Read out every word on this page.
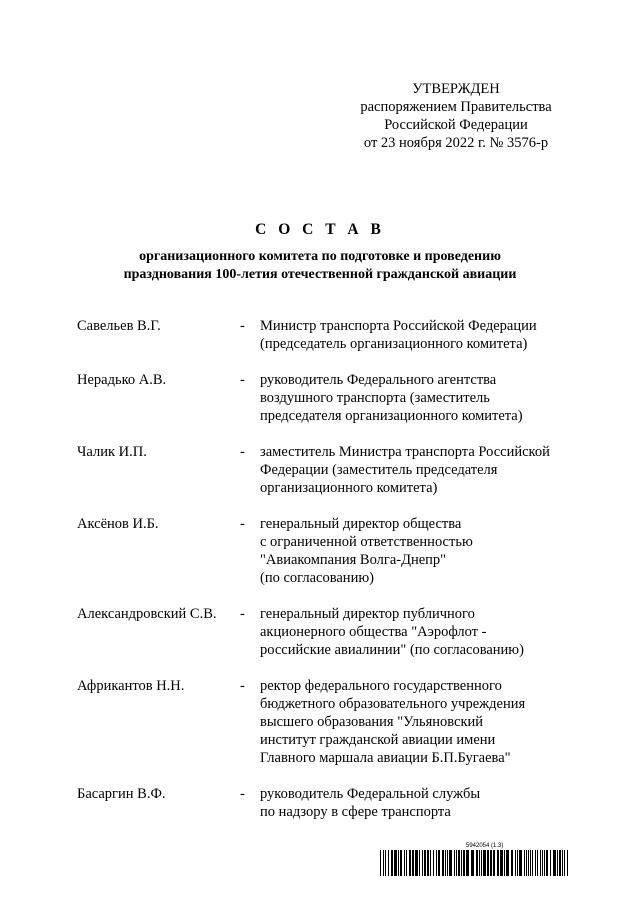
УТВЕРЖДЕН
распоряжением Правительства
Российской Федерации
от 23 ноября 2022 г. № 3576-р
С О С Т А В
организационного комитета по подготовке и проведению
празднования 100-летия отечественной гражданской авиации
Савельев В.Г.	-	Министр транспорта Российской Федерации
(председатель организационного комитета)
Нерадько А.В.	-	руководитель Федерального агентства
воздушного транспорта (заместитель
председателя организационного комитета)
Чалик И.П.	-	заместитель Министра транспорта Российской
Федерации (заместитель председателя
организационного комитета)
Аксёнов И.Б.	-	генеральный директор общества
с ограниченной ответственностью
"Авиакомпания Волга-Днепр"
(по согласованию)
Александровский С.В.	-	генеральный директор публичного
акционерного общества "Аэрофлот -
российские авиалинии" (по согласованию)
Африкантов Н.Н.	-	ректор федерального государственного
бюджетного образовательного учреждения
высшего образования "Ульяновский
институт гражданской авиации имени
Главного маршала авиации Б.П.Бугаева"
Басаргин В.Ф.	-	руководитель Федеральной службы
по надзору в сфере транспорта
5942054 (1.3)
